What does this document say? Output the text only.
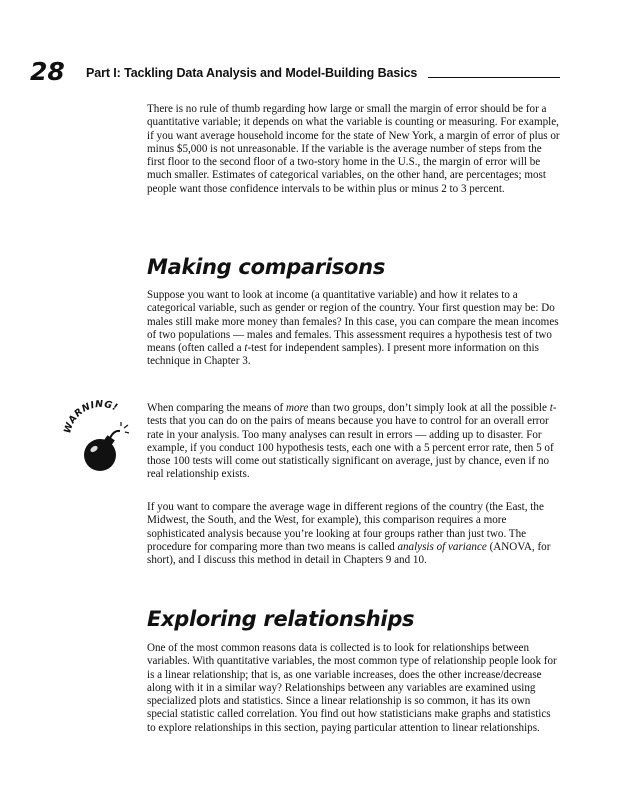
28 Part I: Tackling Data Analysis and Model-Building Basics

There is no rule of thumb regarding how large or small the margin of error should be for a quantitative variable; it depends on what the variable is counting or measuring. For example, if you want average household income for the state of New York, a margin of error of plus or minus $5,000 is not unreasonable. If the variable is the average number of steps from the first floor to the second floor of a two-story home in the U.S., the margin of error will be much smaller. Estimates of categorical variables, on the other hand, are percentages; most people want those confidence intervals to be within plus or minus 2 to 3 percent.

Making comparisons

Suppose you want to look at income (a quantitative variable) and how it relates to a categorical variable, such as gender or region of the country. Your first question may be: Do males still make more money than females? In this case, you can compare the mean incomes of two populations — males and females. This assessment requires a hypothesis test of two means (often called a t-test for independent samples). I present more information on this technique in Chapter 3.

WARNING! When comparing the means of more than two groups, don’t simply look at all the possible t-tests that you can do on the pairs of means because you have to control for an overall error rate in your analysis. Too many analyses can result in errors — adding up to disaster. For example, if you conduct 100 hypothesis tests, each one with a 5 percent error rate, then 5 of those 100 tests will come out statistically significant on average, just by chance, even if no real relationship exists.

If you want to compare the average wage in different regions of the country (the East, the Midwest, the South, and the West, for example), this comparison requires a more sophisticated analysis because you’re looking at four groups rather than just two. The procedure for comparing more than two means is called analysis of variance (ANOVA, for short), and I discuss this method in detail in Chapters 9 and 10.

Exploring relationships

One of the most common reasons data is collected is to look for relationships between variables. With quantitative variables, the most common type of relationship people look for is a linear relationship; that is, as one variable increases, does the other increase/decrease along with it in a similar way? Relationships between any variables are examined using specialized plots and statistics. Since a linear relationship is so common, it has its own special statistic called correlation. You find out how statisticians make graphs and statistics to explore relationships in this section, paying particular attention to linear relationships.
